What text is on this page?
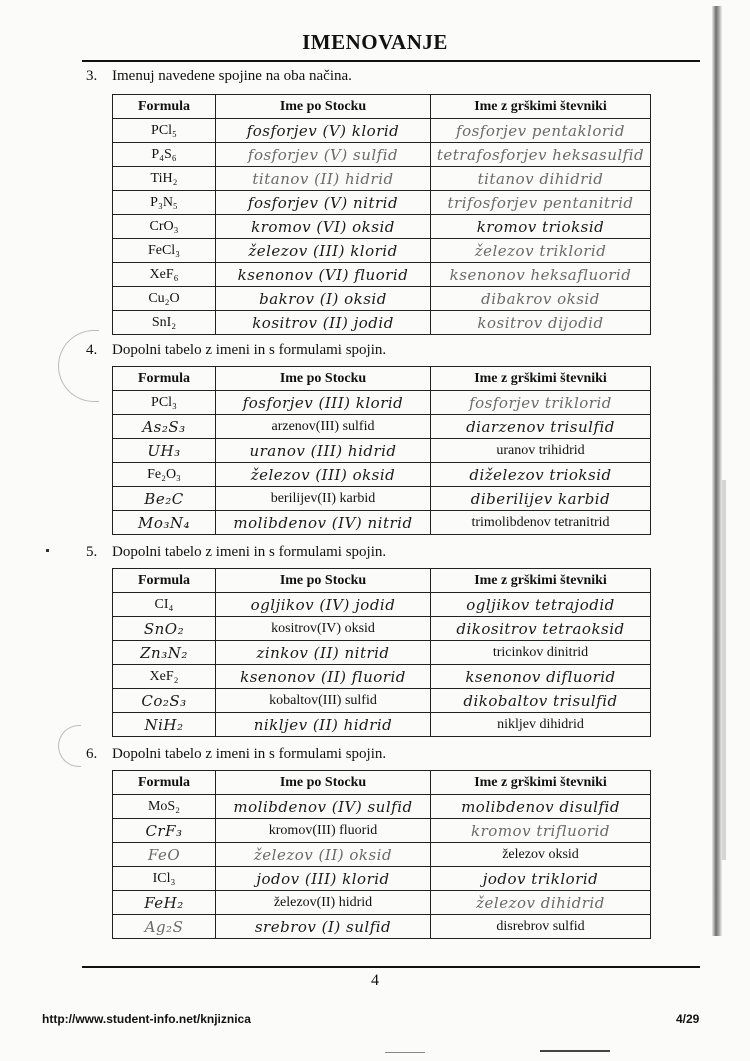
IMENOVANJE
3. Imenuj navedene spojine na oba načina.
Formula	Ime po Stocku	Ime z grškimi števniki
PCl₅	fosforjev (V) klorid	fosforjev pentaklorid
P₄S₆	fosforjev (V) sulfid	tetrafosforjev heksasulfid
TiH₂	titanov (II) hidrid	titanov dihidrid
P₃N₅	fosforjev (V) nitrid	trifosforjev pentanitrid
CrO₃	kromov (VI) oksid	kromov trioksid
FeCl₃	železov (III) klorid	železov triklorid
XeF₆	ksenonov (VI) fluorid	ksenonov heksafluorid
Cu₂O	bakrov (I) oksid	dibakrov oksid
SnI₂	kositrov (II) jodid	kositrov dijodid
4. Dopolni tabelo z imeni in s formulami spojin.
Formula	Ime po Stocku	Ime z grškimi števniki
PCl₃	fosforjev (III) klorid	fosforjev triklorid
As₂S₃	arzenov(III) sulfid	diarzenov trisulfid
UH₃	uranov (III) hidrid	uranov trihidrid
Fe₂O₃	železov (III) oksid	diželezov trioksid
Be₂C	berilijev(II) karbid	diberilijev karbid
Mo₃N₄	molibdenov (IV) nitrid	trimolibdenov tetranitrid
5. Dopolni tabelo z imeni in s formulami spojin.
Formula	Ime po Stocku	Ime z grškimi števniki
CI₄	ogljikov (IV) jodid	ogljikov tetrajodid
SnO₂	kositrov(IV) oksid	dikositrov tetraoksid
Zn₃N₂	zinkov (II) nitrid	tricinkov dinitrid
XeF₂	ksenonov (II) fluorid	ksenonov difluorid
Co₂S₃	kobaltov(III) sulfid	dikobaltov trisulfid
NiH₂	nikljev (II) hidrid	nikljev dihidrid
6. Dopolni tabelo z imeni in s formulami spojin.
Formula	Ime po Stocku	Ime z grškimi števniki
MoS₂	molibdenov (IV) sulfid	molibdenov disulfid
CrF₃	kromov(III) fluorid	kromov trifluorid
FeO	železov (II) oksid	železov oksid
ICl₃	jodov (III) klorid	jodov triklorid
FeH₂	železov(II) hidrid	železov dihidrid
Ag₂S	srebrov (I) sulfid	disrebrov sulfid
4
http://www.student-info.net/knjiznica	4/29
